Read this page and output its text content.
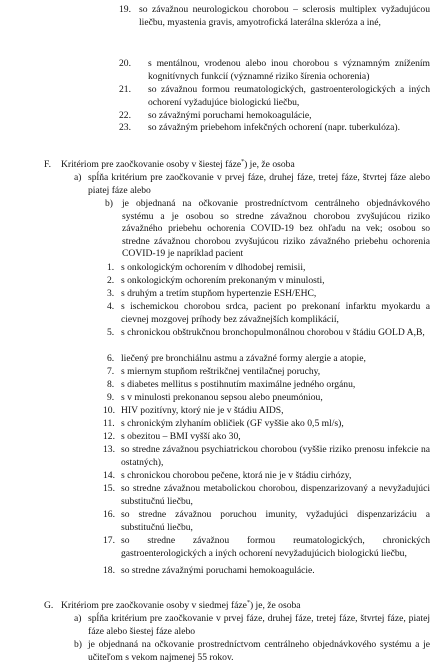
19. so závažnou neurologickou chorobou – sclerosis multiplex vyžadujúcou liečbu, myastenia gravis, amyotrofická laterálna skleróza a iné,
20.	s mentálnou, vrodenou alebo inou chorobou s významným znížením kognitívnych funkcií (významné riziko šírenia ochorenia)
21.	so závažnou formou reumatologických, gastroenterologických a iných ochorení vyžadujúce biologickú liečbu,
22.	so závažnými poruchami hemokoagulácie,
23.	so závažným priebehom infekčných ochorení (napr. tuberkulóza).
F.	Kritériom pre zaočkovanie osoby v šiestej fáze*) je, že osoba
a) spĺňa kritérium pre zaočkovanie v prvej fáze, druhej fáze, tretej fáze, štvrtej fáze alebo piatej fáze alebo
b) je objednaná na očkovanie prostredníctvom centrálneho objednávkového systému a je osobou so stredne závažnou chorobou zvyšujúcou riziko závažného priebehu ochorenia COVID-19 bez ohľadu na vek; osobou so stredne závažnou chorobou zvyšujúcou riziko závažného priebehu ochorenia COVID-19 je napríklad pacient
1. s onkologickým ochorením v dlhodobej remisii,
2. s onkologickým ochorením prekonaným v minulosti,
3. s druhým a tretím stupňom hypertenzie ESH/EHC,
4. s ischemickou chorobou srdca, pacient po prekonaní infarktu myokardu a cievnej mozgovej príhody bez závažnejších komplikácií,
5. s chronickou obštrukčnou bronchopulmonálnou chorobou v štádiu GOLD A,B,
6. liečený pre bronchiálnu astmu a závažné formy alergie a atopie,
7. s miernym stupňom reštrikčnej ventilačnej poruchy,
8. s diabetes mellitus s postihnutím maximálne jedného orgánu,
9. s v minulosti prekonanou sepsou alebo pneumóniou,
10. HIV pozitívny, ktorý nie je v štádiu AIDS,
11. s chronickým zlyhaním obličiek (GF vyššie ako 0,5 ml/s),
12. s obezitou – BMI vyšší ako 30,
13. so stredne závažnou psychiatrickou chorobou (vyššie riziko prenosu infekcie na ostatných),
14. s chronickou chorobou pečene, ktorá nie je v štádiu cirhózy,
15. so stredne závažnou metabolickou chorobou, dispenzarizovaný a nevyžadujúci substitučnú liečbu,
16. so stredne závažnou poruchou imunity, vyžadujúci dispenzarizáciu a substitučnú liečbu,
17. so stredne závažnou formou reumatologických, chronických gastroenterologických a iných ochorení nevyžadujúcich biologickú liečbu,
18. so stredne závažnými poruchami hemokoagulácie.
G. Kritériom pre zaočkovanie osoby v siedmej fáze*) je, že osoba
a) spĺňa kritérium pre zaočkovanie v prvej fáze, druhej fáze, tretej fáze, štvrtej fáze, piatej fáze alebo šiestej fáze alebo
b) je objednaná na očkovanie prostredníctvom centrálneho objednávkového systému a je učiteľom s vekom najmenej 55 rokov.
